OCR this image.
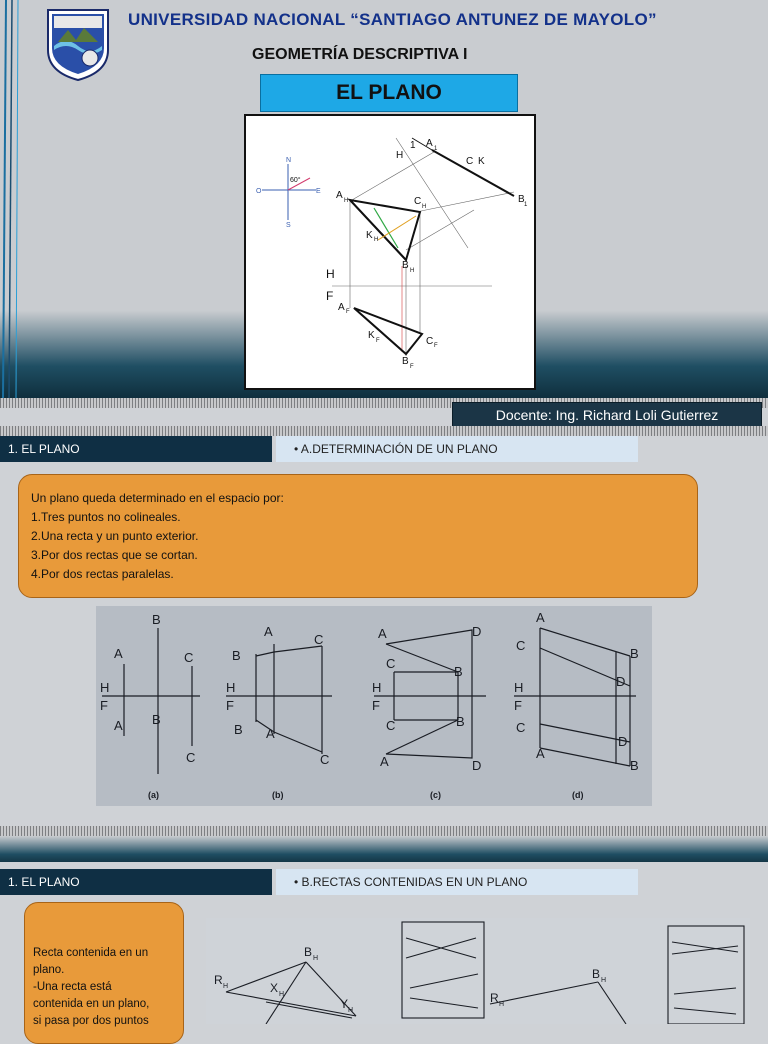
UNIVERSIDAD NACIONAL “SANTIAGO ANTUNEZ DE MAYOLO”
GEOMETRÍA DESCRIPTIVA I
EL PLANO
N
S
E
O
60°
H
1 A
C K
B
A
C
K
B
H
F
A
K
C
B
1
1
H
H
H
H
F
F
F
F
Docente: Ing. Richard Loli Gutierrez
1. EL PLANO	• A.DETERMINACIÓN DE UN PLANO

Un plano queda determinado en el espacio por:

1.Tres puntos no colineales.

2.Una recta y un punto exterior.

3.Por dos rectas que se cortan.

4.Por dos rectas paralelas.

B
A	C
H
F
A B
C
A
B
C
H
F
B A
C
A	D
C
B
H
F
C	B
A	D
A
C
B
D
H
F
C
A
D
B
(a)	(b)	(c)	(d)
1. EL PLANO	• B.RECTAS CONTENIDAS EN UN PLANO

Recta contenida en un

plano.

-Una recta está

contenida en un plano,

si pasa por dos puntos

R
B
X
Y	R
B
H
H
H
H
H
H
